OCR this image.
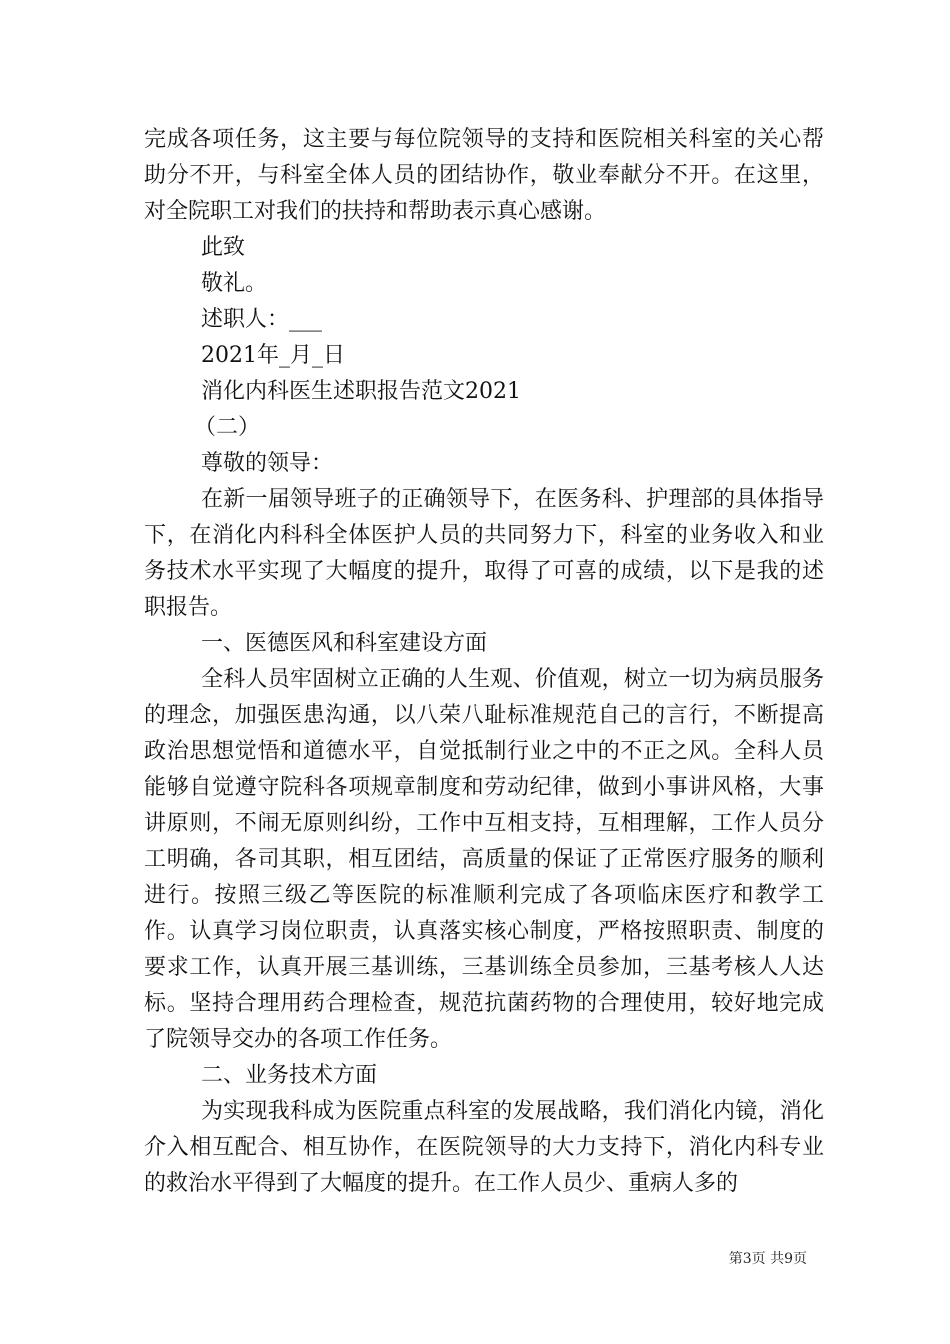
完成各项任务，这主要与每位院领导的支持和医院相关科室的关心帮助分不开，与科室全体人员的团结协作，敬业奉献分不开。在这里，对全院职工对我们的扶持和帮助表示真心感谢。

此致

敬礼。

述职人：___

2021年_月_日

消化内科医生述职报告范文2021

（二）

尊敬的领导：

在新一届领导班子的正确领导下，在医务科、护理部的具体指导下，在消化内科科全体医护人员的共同努力下，科室的业务收入和业务技术水平实现了大幅度的提升，取得了可喜的成绩，以下是我的述职报告。

一、医德医风和科室建设方面

全科人员牢固树立正确的人生观、价值观，树立一切为病员服务的理念，加强医患沟通，以八荣八耻标准规范自己的言行，不断提高政治思想觉悟和道德水平，自觉抵制行业之中的不正之风。全科人员能够自觉遵守院科各项规章制度和劳动纪律，做到小事讲风格，大事讲原则，不闹无原则纠纷，工作中互相支持，互相理解，工作人员分工明确，各司其职，相互团结，高质量的保证了正常医疗服务的顺利进行。按照三级乙等医院的标准顺利完成了各项临床医疗和教学工作。认真学习岗位职责，认真落实核心制度，严格按照职责、制度的要求工作，认真开展三基训练，三基训练全员参加，三基考核人人达标。坚持合理用药合理检查，规范抗菌药物的合理使用，较好地完成了院领导交办的各项工作任务。

二、业务技术方面

为实现我科成为医院重点科室的发展战略，我们消化内镜，消化介入相互配合、相互协作，在医院领导的大力支持下，消化内科专业的救治水平得到了大幅度的提升。在工作人员少、重病人多的

第3页 共9页
